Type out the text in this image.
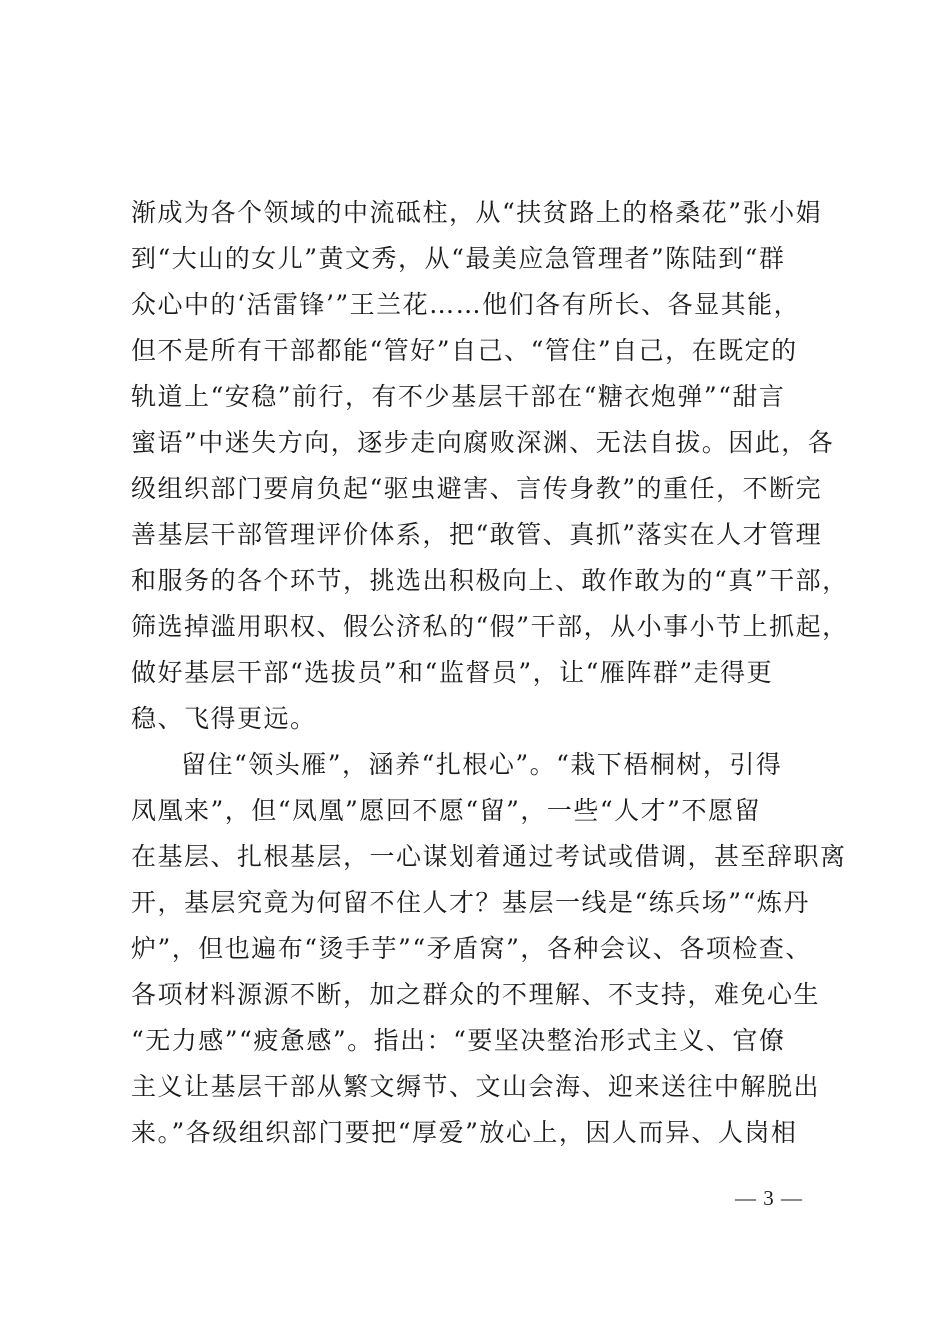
渐成为各个领域的中流砥柱，从“扶贫路上的格桑花”张小娟
到“大山的女儿”黄文秀，从“最美应急管理者”陈陆到“群
众心中的‘活雷锋’”王兰花……他们各有所长、各显其能，
但不是所有干部都能“管好”自己、“管住”自己，在既定的
轨道上“安稳”前行，有不少基层干部在“糖衣炮弹”“甜言
蜜语”中迷失方向，逐步走向腐败深渊、无法自拔。因此，各
级组织部门要肩负起“驱虫避害、言传身教”的重任，不断完
善基层干部管理评价体系，把“敢管、真抓”落实在人才管理
和服务的各个环节，挑选出积极向上、敢作敢为的“真”干部，
筛选掉滥用职权、假公济私的“假”干部，从小事小节上抓起，
做好基层干部“选拔员”和“监督员”，让“雁阵群”走得更
稳、飞得更远。
留住“领头雁”，涵养“扎根心”。“栽下梧桐树，引得
凤凰来”，但“凤凰”愿回不愿“留”，一些“人才”不愿留
在基层、扎根基层，一心谋划着通过考试或借调，甚至辞职离
开，基层究竟为何留不住人才？基层一线是“练兵场”“炼丹
炉”，但也遍布“烫手芋”“矛盾窝”，各种会议、各项检查、
各项材料源源不断，加之群众的不理解、不支持，难免心生
“无力感”“疲惫感”。指出：“要坚决整治形式主义、官僚
主义让基层干部从繁文缛节、文山会海、迎来送往中解脱出
来。”各级组织部门要把“厚爱”放心上，因人而异、人岗相
— 3 —
